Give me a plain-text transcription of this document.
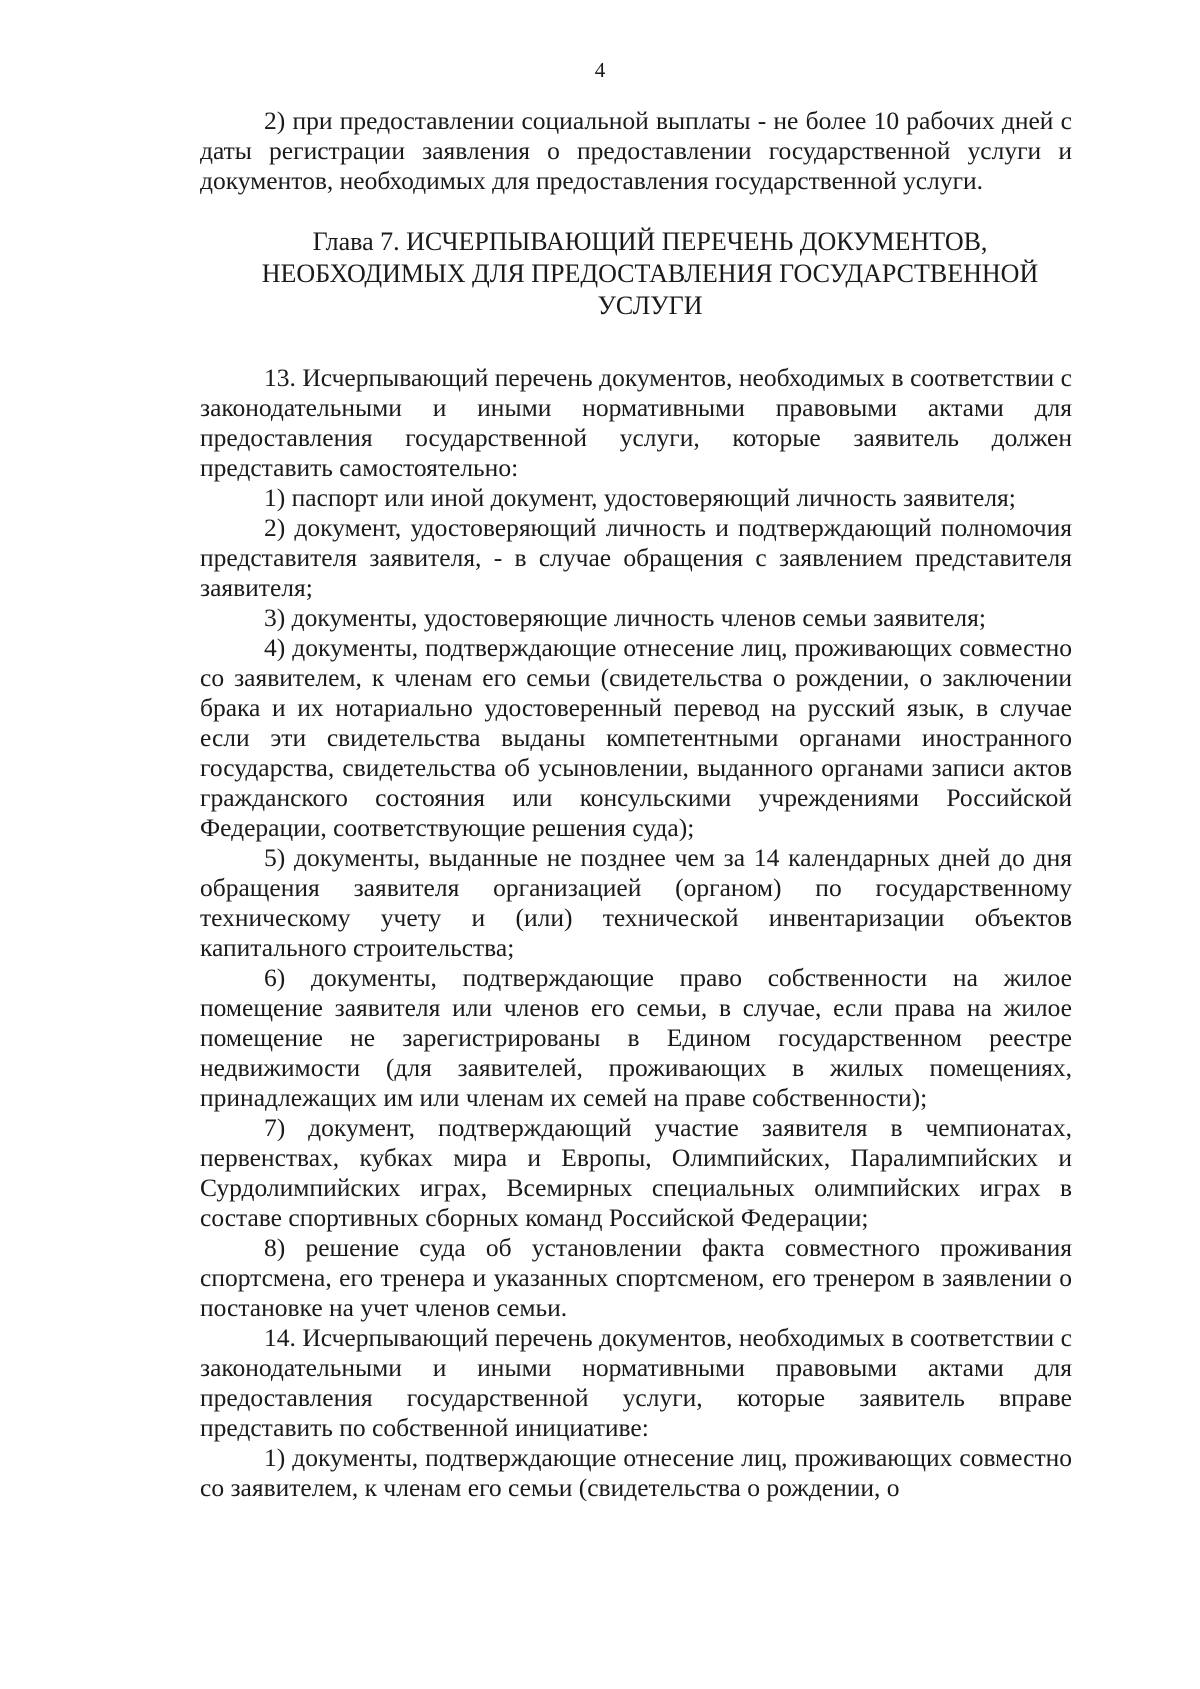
4

2) при предоставлении социальной выплаты - не более 10 рабочих дней с даты регистрации заявления о предоставлении государственной услуги и документов, необходимых для предоставления государственной услуги.

Глава 7. ИСЧЕРПЫВАЮЩИЙ ПЕРЕЧЕНЬ ДОКУМЕНТОВ,
НЕОБХОДИМЫХ ДЛЯ ПРЕДОСТАВЛЕНИЯ ГОСУДАРСТВЕННОЙ
УСЛУГИ

13. Исчерпывающий перечень документов, необходимых в соответствии с законодательными и иными нормативными правовыми актами для предоставления государственной услуги, которые заявитель должен представить самостоятельно:

1) паспорт или иной документ, удостоверяющий личность заявителя;

2) документ, удостоверяющий личность и подтверждающий полномочия представителя заявителя, - в случае обращения с заявлением представителя заявителя;

3) документы, удостоверяющие личность членов семьи заявителя;

4) документы, подтверждающие отнесение лиц, проживающих совместно со заявителем, к членам его семьи (свидетельства о рождении, о заключении брака и их нотариально удостоверенный перевод на русский язык, в случае если эти свидетельства выданы компетентными органами иностранного государства, свидетельства об усыновлении, выданного органами записи актов гражданского состояния или консульскими учреждениями Российской Федерации, соответствующие решения суда);

5) документы, выданные не позднее чем за 14 календарных дней до дня обращения заявителя организацией (органом) по государственному техническому учету и (или) технической инвентаризации объектов капитального строительства;

6) документы, подтверждающие право собственности на жилое помещение заявителя или членов его семьи, в случае, если права на жилое помещение не зарегистрированы в Едином государственном реестре недвижимости (для заявителей, проживающих в жилых помещениях, принадлежащих им или членам их семей на праве собственности);

7) документ, подтверждающий участие заявителя в чемпионатах, первенствах, кубках мира и Европы, Олимпийских, Паралимпийских и Сурдолимпийских играх, Всемирных специальных олимпийских играх в составе спортивных сборных команд Российской Федерации;

8) решение суда об установлении факта совместного проживания спортсмена, его тренера и указанных спортсменом, его тренером в заявлении о постановке на учет членов семьи.

14. Исчерпывающий перечень документов, необходимых в соответствии с законодательными и иными нормативными правовыми актами для предоставления государственной услуги, которые заявитель вправе представить по собственной инициативе:

1) документы, подтверждающие отнесение лиц, проживающих совместно со заявителем, к членам его семьи (свидетельства о рождении, о
